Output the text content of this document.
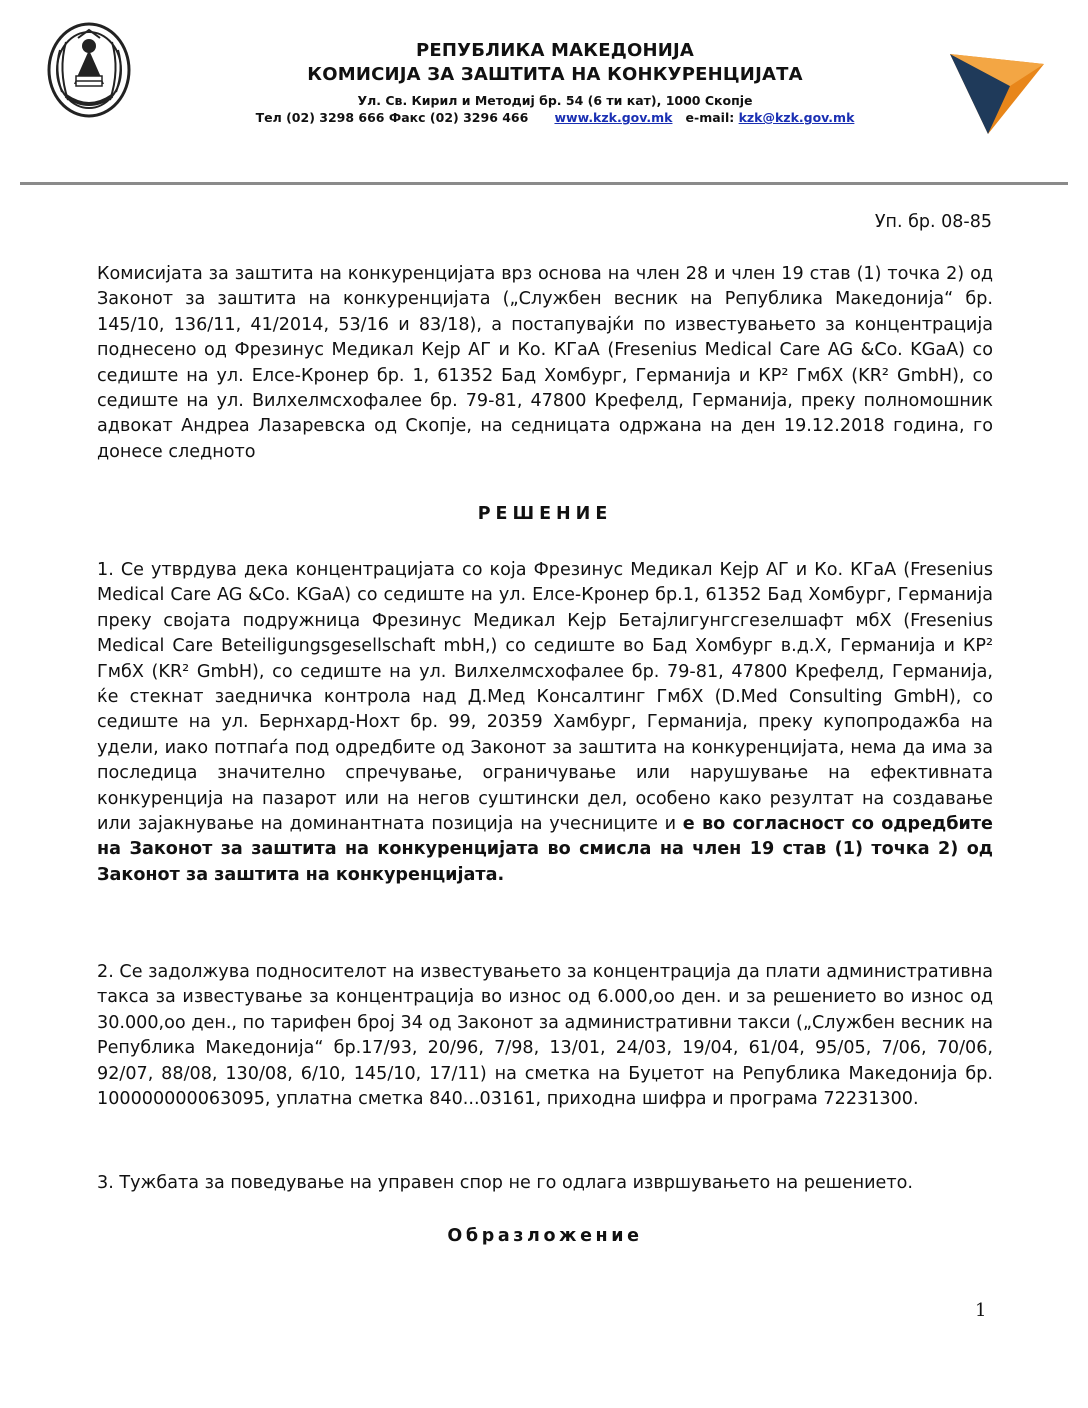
РЕПУБЛИКА МАКЕДОНИЈА
КОМИСИЈА ЗА ЗАШТИТА НА КОНКУРЕНЦИЈАТА
Ул. Св. Кирил и Методиј бр. 54 (6 ти кат), 1000 Скопје
Тел (02) 3298 666 Факс (02) 3296 466 www.kzk.gov.mk e-mail: kzk@kzk.gov.mk
Уп. бр. 08-85

Комисијата за заштита на конкуренцијата врз основа на член 28 и член 19 став (1) точка 2) од Законот за заштита на конкуренцијата („Службен весник на Република Македонија“ бр. 145/10, 136/11, 41/2014, 53/16 и 83/18), а постапувајќи по известувањето за концентрација поднесено од Фрезинус Медикал Кејр АГ и Ко. КГаА (Fresenius Medical Care AG &Co. KGaA) со седиште на ул. Елсе-Кронер бр. 1, 61352 Бад Хомбург, Германија и КР² ГмбХ (KR² GmbH), со седиште на ул. Вилхелмсхофалее бр. 79-81, 47800 Крефелд, Германија, преку полномошник адвокат Андреа Лазаревска од Скопје, на седницата одржана на ден 19.12.2018 година, го донесе следното

РЕШЕНИЕ

1. Се утврдува дека концентрацијата со која Фрезинус Медикал Кејр АГ и Ко. КГаА (Fresenius Medical Care AG &Co. KGaA) со седиште на ул. Елсе-Кронер бр.1, 61352 Бад Хомбург, Германија преку својата подружница Фрезинус Медикал Кејр Бетајлигунгсгезелшафт мбХ (Fresenius Medical Care Beteiligungsgesellschaft mbH,) со седиште во Бад Хомбург в.д.Х, Германија и КР² ГмбХ (KR² GmbH), со седиште на ул. Вилхелмсхофалее бр. 79-81, 47800 Крефелд, Германија, ќе стекнат заедничка контрола над Д.Мед Консалтинг ГмбХ (D.Med Consulting GmbH), со седиште на ул. Бернхард-Нохт бр. 99, 20359 Хамбург, Германија, преку купопродажба на удели, иако потпаѓа под одредбите од Законот за заштита на конкуренцијата, нема да има за последица значително спречување, ограничување или нарушување на ефективната конкуренција на пазарот или на негов суштински дел, особено како резултат на создавање или зајакнување на доминантната позиција на учесниците и е во согласност со одредбите на Законот за заштита на конкуренцијата во смисла на член 19 став (1) точка 2) од Законот за заштита на конкуренцијата.

2. Се задолжува подносителот на известувањето за концентрација да плати административна такса за известување за концентрација во износ од 6.000,оо ден. и за решението во износ од 30.000,оо ден., по тарифен број 34 од Законот за административни такси („Службен весник на Република Македонија“ бр.17/93, 20/96, 7/98, 13/01, 24/03, 19/04, 61/04, 95/05, 7/06, 70/06, 92/07, 88/08, 130/08, 6/10, 145/10, 17/11) на сметка на Буџетот на Република Македонија бр. 100000000063095, уплатна сметка 840...03161, приходна шифра и програма 72231300.

3. Тужбата за поведување на управен спор не го одлага извршувањето на решението.

Образложение
1
